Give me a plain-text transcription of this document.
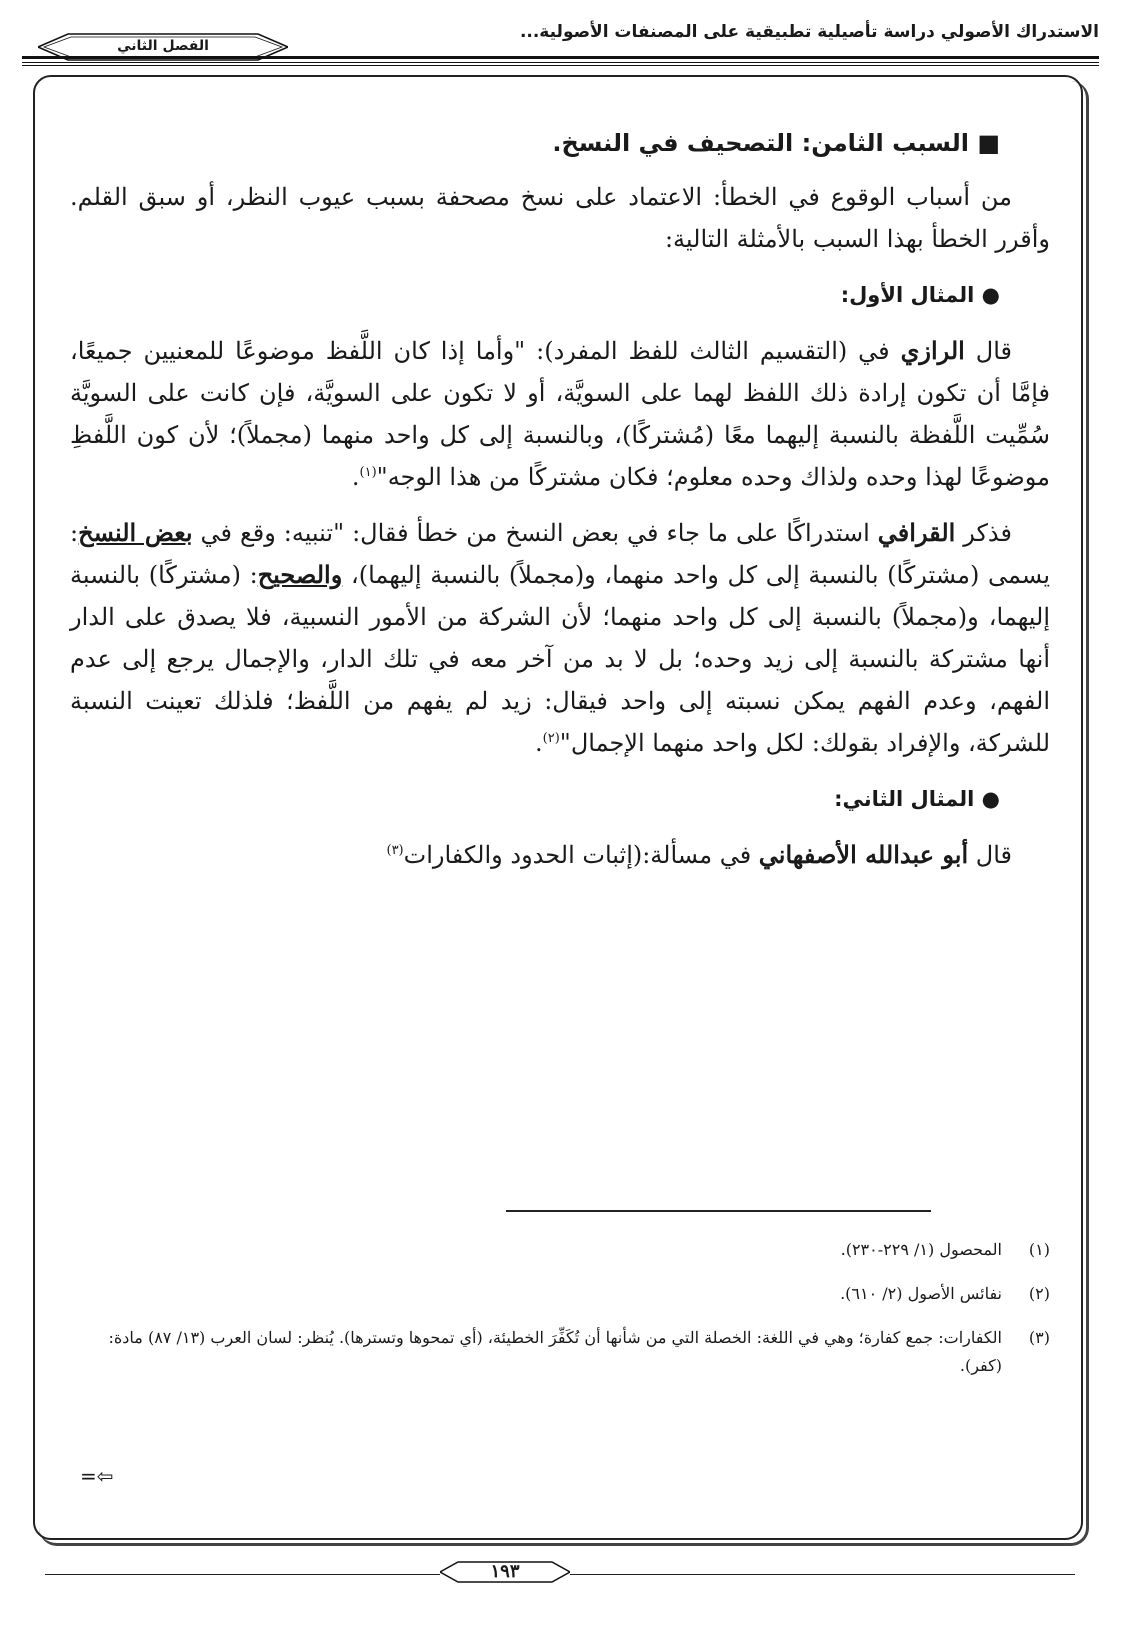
الاستدراك الأصولي دراسة تأصيلية تطبيقية على المصنفات الأصولية...
الفصل الثاني

■ السبب الثامن: التصحيف في النسخ.

من أسباب الوقوع في الخطأ: الاعتماد على نسخ مصحفة بسبب عيوب النظر، أو سبق القلم. وأقرر الخطأ بهذا السبب بالأمثلة التالية:

● المثال الأول:

قال الرازي في (التقسيم الثالث للفظ المفرد): "وأما إذا كان اللَّفظ موضوعًا للمعنيين جميعًا، فإمَّا أن تكون إرادة ذلك اللفظ لهما على السويَّة، أو لا تكون على السويَّة، فإن كانت على السويَّة سُمِّيت اللَّفظة بالنسبة إليهما معًا (مُشتركًا)، وبالنسبة إلى كل واحد منهما (مجملاً)؛ لأن كون اللَّفظِ موضوعًا لهذا وحده ولذاك وحده معلوم؛ فكان مشتركًا من هذا الوجه"$^{(١)}$.

فذكر القرافي استدراكًا على ما جاء في بعض النسخ من خطأ فقال: "تنبيه: وقع في بعض النسخ: يسمى (مشتركًا) بالنسبة إلى كل واحد منهما، و(مجملاً) بالنسبة إليهما)، والصحيح: (مشتركًا) بالنسبة إليهما، و(مجملاً) بالنسبة إلى كل واحد منهما؛ لأن الشركة من الأمور النسبية، فلا يصدق على الدار أنها مشتركة بالنسبة إلى زيد وحده؛ بل لا بد من آخر معه في تلك الدار، والإجمال يرجع إلى عدم الفهم، وعدم الفهم يمكن نسبته إلى واحد فيقال: زيد لم يفهم من اللَّفظ؛ فلذلك تعينت النسبة للشركة، والإفراد بقولك: لكل واحد منهما الإجمال"$^{(٢)}$.

● المثال الثاني:

قال أبو عبدالله الأصفهاني في مسألة:(إثبات الحدود والكفارات$^{(٣)}$

(١)
المحصول (١/ ٢٢٩-٢٣٠).
(٢)
نفائس الأصول (٢/ ٦١٠).
(٣)
الكفارات: جمع كفارة؛ وهي في اللغة: الخصلة التي من شأنها أن تُكَفِّرَ الخطيئة، (أي تمحوها وتسترها). يُنظر: لسان العرب (١٣/ ٨٧) مادة: (كفر).
⇦=
١٩٣
